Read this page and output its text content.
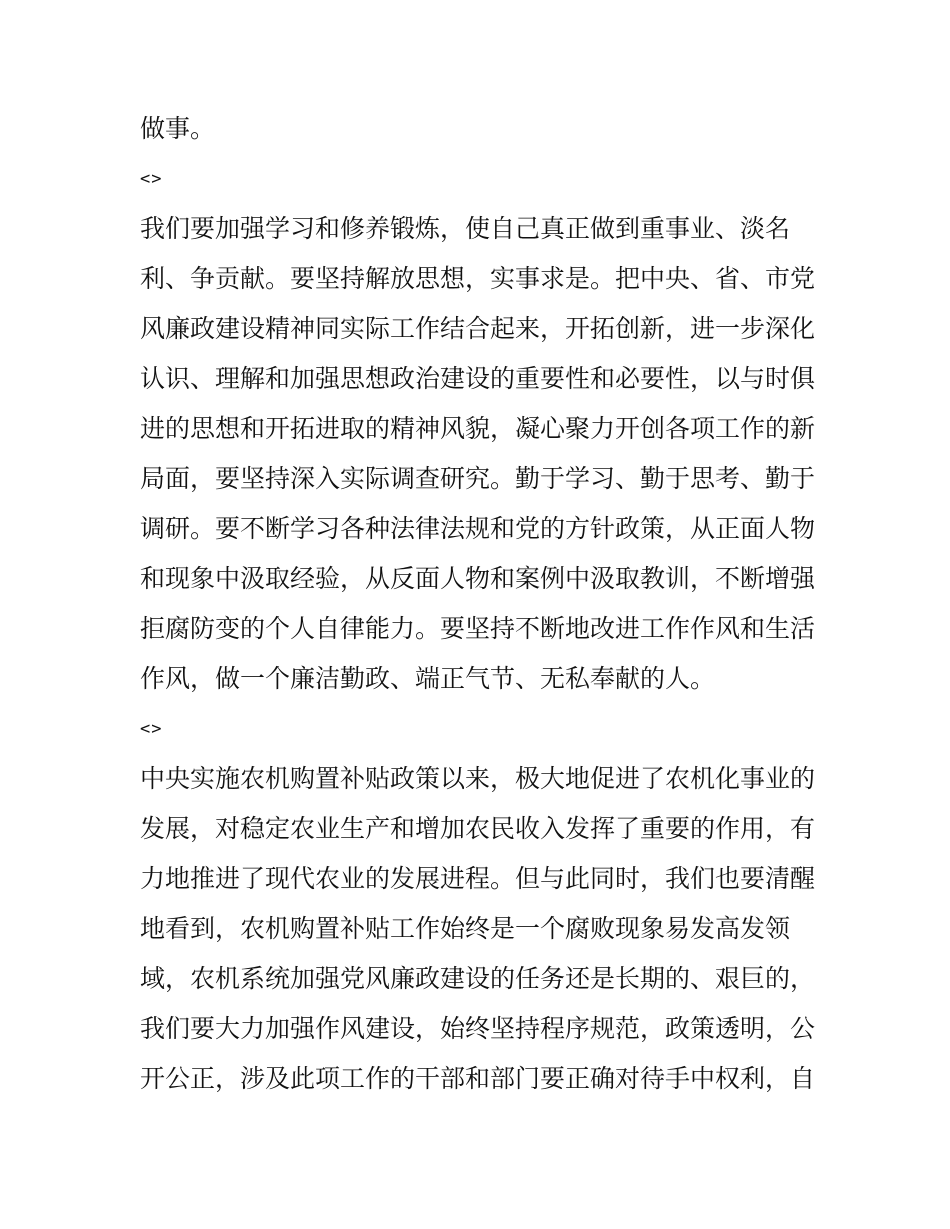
做事。
<>
我们要加强学习和修养锻炼，使自己真正做到重事业、淡名
利、争贡献。要坚持解放思想，实事求是。把中央、省、市党
风廉政建设精神同实际工作结合起来，开拓创新，进一步深化
认识、理解和加强思想政治建设的重要性和必要性，以与时俱
进的思想和开拓进取的精神风貌，凝心聚力开创各项工作的新
局面，要坚持深入实际调查研究。勤于学习、勤于思考、勤于
调研。要不断学习各种法律法规和党的方针政策，从正面人物
和现象中汲取经验，从反面人物和案例中汲取教训，不断增强
拒腐防变的个人自律能力。要坚持不断地改进工作作风和生活
作风，做一个廉洁勤政、端正气节、无私奉献的人。
<>
中央实施农机购置补贴政策以来，极大地促进了农机化事业的
发展，对稳定农业生产和增加农民收入发挥了重要的作用，有
力地推进了现代农业的发展进程。但与此同时，我们也要清醒
地看到，农机购置补贴工作始终是一个腐败现象易发高发领
域，农机系统加强党风廉政建设的任务还是长期的、艰巨的，
我们要大力加强作风建设，始终坚持程序规范，政策透明，公
开公正，涉及此项工作的干部和部门要正确对待手中权利，自
